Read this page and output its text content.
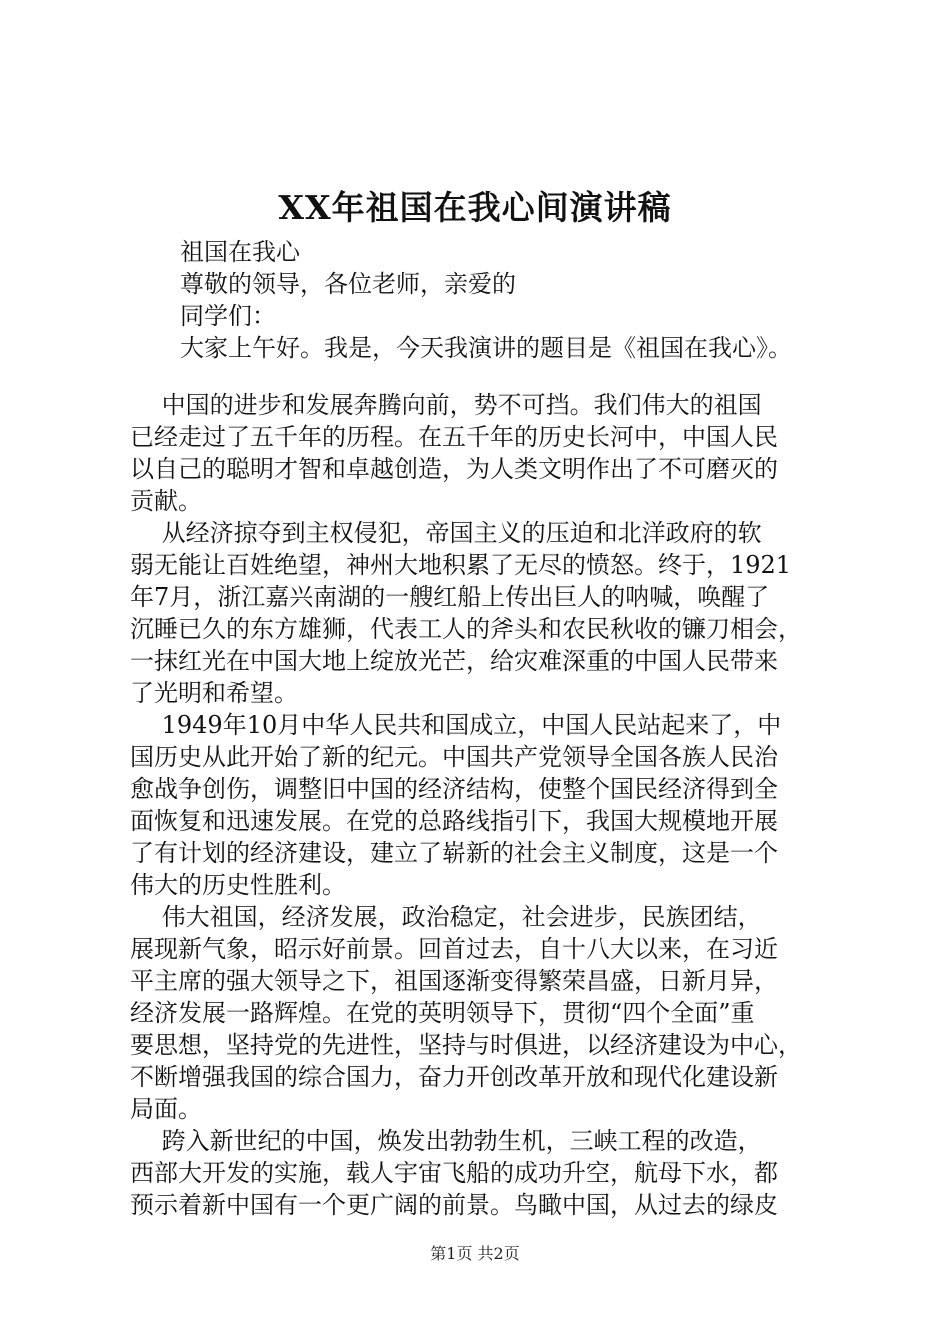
XX年祖国在我心间演讲稿
祖国在我心
尊敬的领导，各位老师，亲爱的
同学们：
大家上午好。我是，今天我演讲的题目是《祖国在我心》。
　 中国的进步和发展奔腾向前，势不可挡。我们伟大的祖国
已经走过了五千年的历程。在五千年的历史长河中，中国人民
以自己的聪明才智和卓越创造，为人类文明作出了不可磨灭的
贡献。
　 从经济掠夺到主权侵犯，帝国主义的压迫和北洋政府的软
弱无能让百姓绝望，神州大地积累了无尽的愤怒。终于，1921
年7月，浙江嘉兴南湖的一艘红船上传出巨人的呐喊，唤醒了
沉睡已久的东方雄狮，代表工人的斧头和农民秋收的镰刀相会，
一抹红光在中国大地上绽放光芒，给灾难深重的中国人民带来
了光明和希望。
　 1949年10月中华人民共和国成立，中国人民站起来了，中
国历史从此开始了新的纪元。中国共产党领导全国各族人民治
愈战争创伤，调整旧中国的经济结构，使整个国民经济得到全
面恢复和迅速发展。在党的总路线指引下，我国大规模地开展
了有计划的经济建设，建立了崭新的社会主义制度，这是一个
伟大的历史性胜利。
　 伟大祖国，经济发展，政治稳定，社会进步，民族团结，
展现新气象，昭示好前景。回首过去，自十八大以来，在习近
平主席的强大领导之下，祖国逐渐变得繁荣昌盛，日新月异，
经济发展一路辉煌。在党的英明领导下，贯彻“四个全面”重
要思想，坚持党的先进性，坚持与时俱进，以经济建设为中心，
不断增强我国的综合国力，奋力开创改革开放和现代化建设新
局面。
　 跨入新世纪的中国，焕发出勃勃生机，三峡工程的改造，
西部大开发的实施，载人宇宙飞船的成功升空，航母下水，都
预示着新中国有一个更广阔的前景。鸟瞰中国，从过去的绿皮
第1页 共2页
